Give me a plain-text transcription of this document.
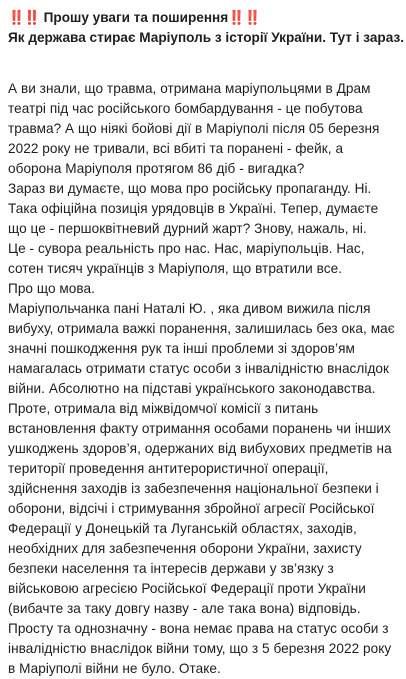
‼️‼️ Прошу уваги та поширення‼️‼️

Як держава стирає Маріуполь з історії України. Тут і зараз.

А ви знали, що травма, отримана маріупольцями в Драм театрі під час російського бомбардування - це побутова травма? А що ніякі бойові дії в Маріуполі після 05 березня 2022 року не тривали, всі вбиті та поранені - фейк, а оборона Маріуполя протягом 86 діб - вигадка?

Зараз ви думаєте, що мова про російську пропаганду. Ні. Така офіційна позиція урядовців в Україні. Тепер, думаєте що це - першоквітневий дурний жарт? Знову, нажаль, ні.

Це - сувора реальність про нас. Нас, маріупольців. Нас, сотен тисяч українців з Маріуполя, що втратили все.

Про що мова.

Маріупольчанка пані Наталі Ю. , яка дивом вижила після вибуху, отримала важкі поранення, залишилась без ока, має значні пошкодження рук та інші проблеми зі здоров’ям намагалась отримати статус особи з інвалідністю внаслідок війни. Абсолютно на підставі українського законодавства.

Проте, отримала від міжвідомчої комісії з питань встановлення факту отримання особами поранень чи інших ушкоджень здоров’я, одержаних від вибухових предметів на території проведення антитерористичної операції, здійснення заходів із забезпечення національної безпеки і оборони, відсічі і стримування збройної агресії Російської Федерації у Донецькій та Луганській областях, заходів, необхідних для забезпечення оборони України, захисту безпеки населення та інтересів держави у зв’язку з військовою агресією Російської Федерації проти України (вибачте за таку довгу назву - але така вона) відповідь. Просту та однозначну - вона немає права на статус особи з інвалідністю внаслідок війни тому, що з 5 березня 2022 року в Маріуполі війни не було. Отаке.
